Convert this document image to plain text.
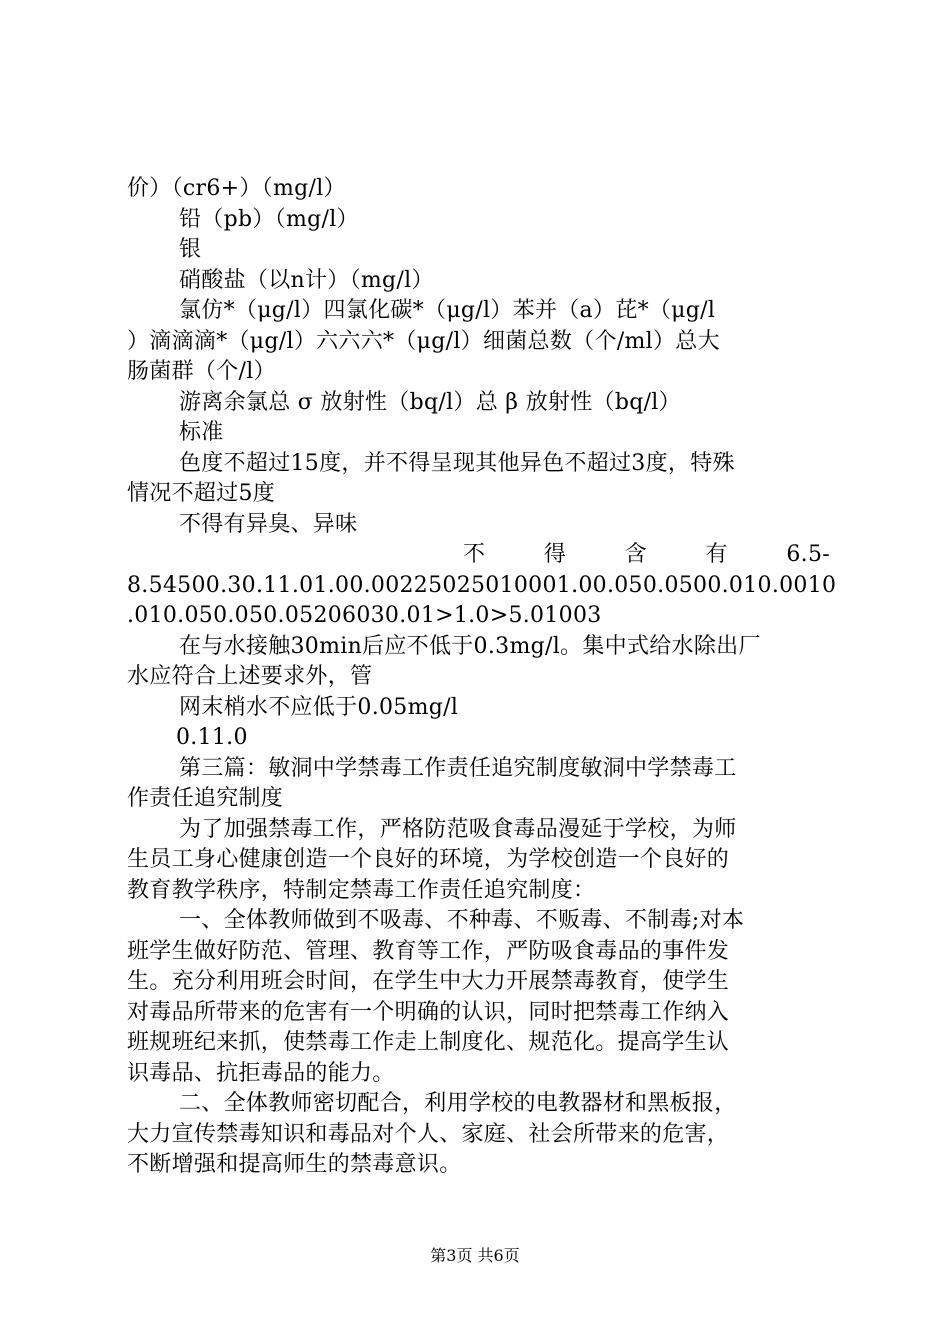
价）（cr6+）（mg/l）
铅（pb）（mg/l）
银
硝酸盐（以n计）（mg/l）
氯仿*（μg/l）四氯化碳*（μg/l）苯并（a）芘*（μg/l
）滴滴滴*（μg/l）六六六*（μg/l）细菌总数（个/ml）总大
肠菌群（个/l）
游离余氯总 σ 放射性（bq/l）总 β 放射性（bq/l）
标准
色度不超过15度，并不得呈现其他异色不超过3度，特殊
情况不超过5度
不得有异臭、异味
不　得　含　有　6.5-
8.54500.30.11.01.00.00225025010001.00.050.0500.010.0010
.010.050.050.05206030.01>1.0>5.01003
在与水接触30min后应不低于0.3mg/l。集中式给水除出厂
水应符合上述要求外，管
网末梢水不应低于0.05mg/l
0.11.0
第三篇：敏洞中学禁毒工作责任追究制度敏洞中学禁毒工
作责任追究制度
为了加强禁毒工作，严格防范吸食毒品漫延于学校，为师
生员工身心健康创造一个良好的环境，为学校创造一个良好的
教育教学秩序，特制定禁毒工作责任追究制度：
一、全体教师做到不吸毒、不种毒、不贩毒、不制毒;对本
班学生做好防范、管理、教育等工作，严防吸食毒品的事件发
生。充分利用班会时间，在学生中大力开展禁毒教育，使学生
对毒品所带来的危害有一个明确的认识，同时把禁毒工作纳入
班规班纪来抓，使禁毒工作走上制度化、规范化。提高学生认
识毒品、抗拒毒品的能力。
二、全体教师密切配合，利用学校的电教器材和黑板报，
大力宣传禁毒知识和毒品对个人、家庭、社会所带来的危害，
不断增强和提高师生的禁毒意识。
第3页 共6页
